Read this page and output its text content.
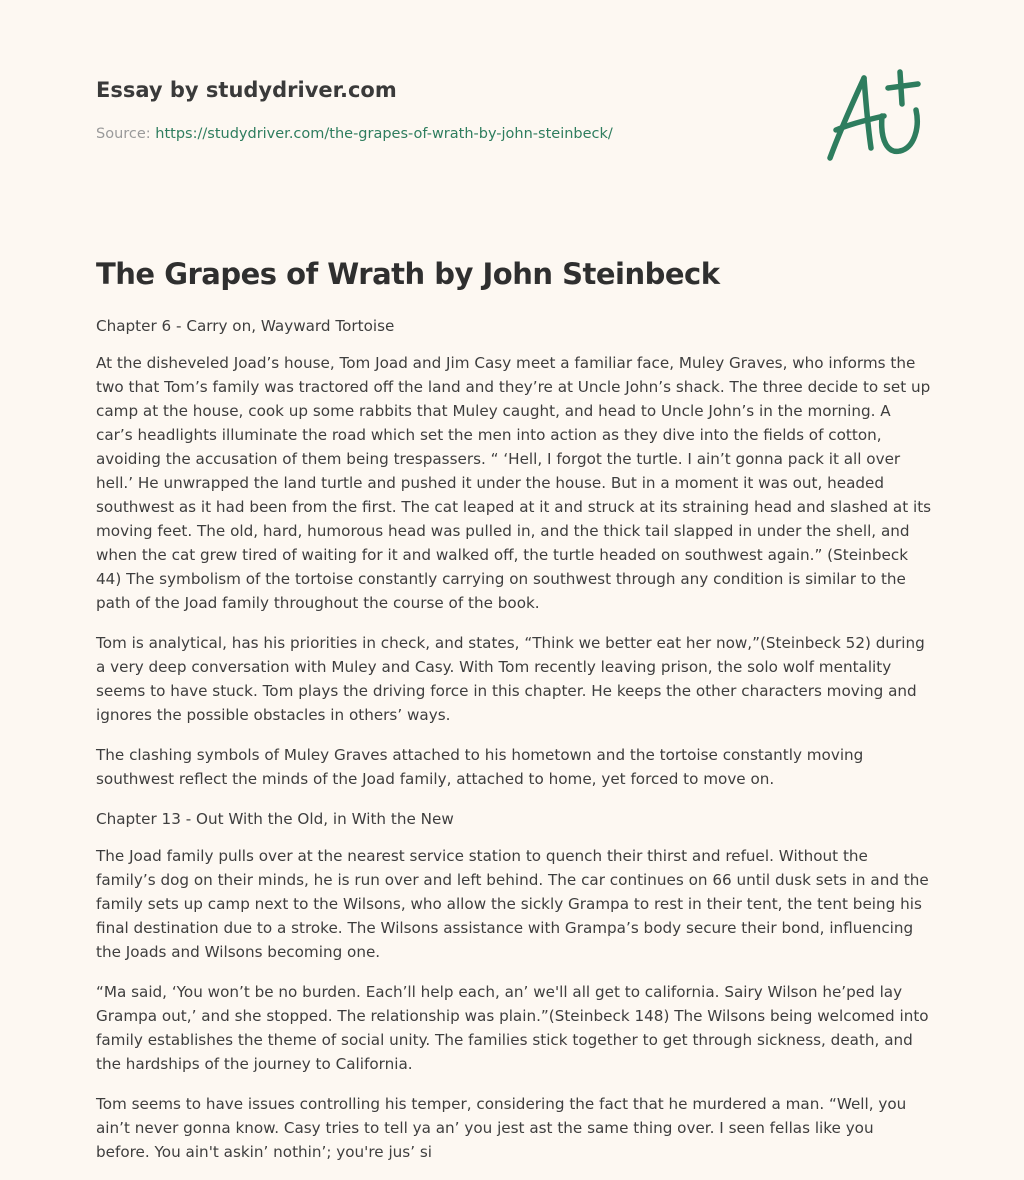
Essay by studydriver.com
Source: https://studydriver.com/the-grapes-of-wrath-by-john-steinbeck/
The Grapes of Wrath by John Steinbeck

Chapter 6 - Carry on, Wayward Tortoise

At the disheveled Joad’s house, Tom Joad and Jim Casy meet a familiar face, Muley Graves, who informs the two that Tom’s family was tractored off the land and they’re at Uncle John’s shack. The three decide to set up camp at the house, cook up some rabbits that Muley caught, and head to Uncle John’s in the morning. A car’s headlights illuminate the road which set the men into action as they dive into the fields of cotton, avoiding the accusation of them being trespassers. “ ‘Hell, I forgot the turtle. I ain’t gonna pack it all over hell.’ He unwrapped the land turtle and pushed it under the house. But in a moment it was out, headed southwest as it had been from the first. The cat leaped at it and struck at its straining head and slashed at its moving feet. The old, hard, humorous head was pulled in, and the thick tail slapped in under the shell, and when the cat grew tired of waiting for it and walked off, the turtle headed on southwest again.” (Steinbeck 44) The symbolism of the tortoise constantly carrying on southwest through any condition is similar to the path of the Joad family throughout the course of the book.

Tom is analytical, has his priorities in check, and states, “Think we better eat her now,”(Steinbeck 52) during a very deep conversation with Muley and Casy. With Tom recently leaving prison, the solo wolf mentality seems to have stuck. Tom plays the driving force in this chapter. He keeps the other characters moving and ignores the possible obstacles in others’ ways.

The clashing symbols of Muley Graves attached to his hometown and the tortoise constantly moving southwest reflect the minds of the Joad family, attached to home, yet forced to move on.

Chapter 13 - Out With the Old, in With the New

The Joad family pulls over at the nearest service station to quench their thirst and refuel. Without the family’s dog on their minds, he is run over and left behind. The car continues on 66 until dusk sets in and the family sets up camp next to the Wilsons, who allow the sickly Grampa to rest in their tent, the tent being his final destination due to a stroke. The Wilsons assistance with Grampa’s body secure their bond, influencing the Joads and Wilsons becoming one.

“Ma said, ‘You won’t be no burden. Each’ll help each, an’ we'll all get to california. Sairy Wilson he’ped lay Grampa out,’ and she stopped. The relationship was plain.”(Steinbeck 148) The Wilsons being welcomed into family establishes the theme of social unity. The families stick together to get through sickness, death, and the hardships of the journey to California.

Tom seems to have issues controlling his temper, considering the fact that he murdered a man. “Well, you ain’t never gonna know. Casy tries to tell ya an’ you jest ast the same thing over. I seen fellas like you before. You ain't askin’ nothin’; you're jus’ si
